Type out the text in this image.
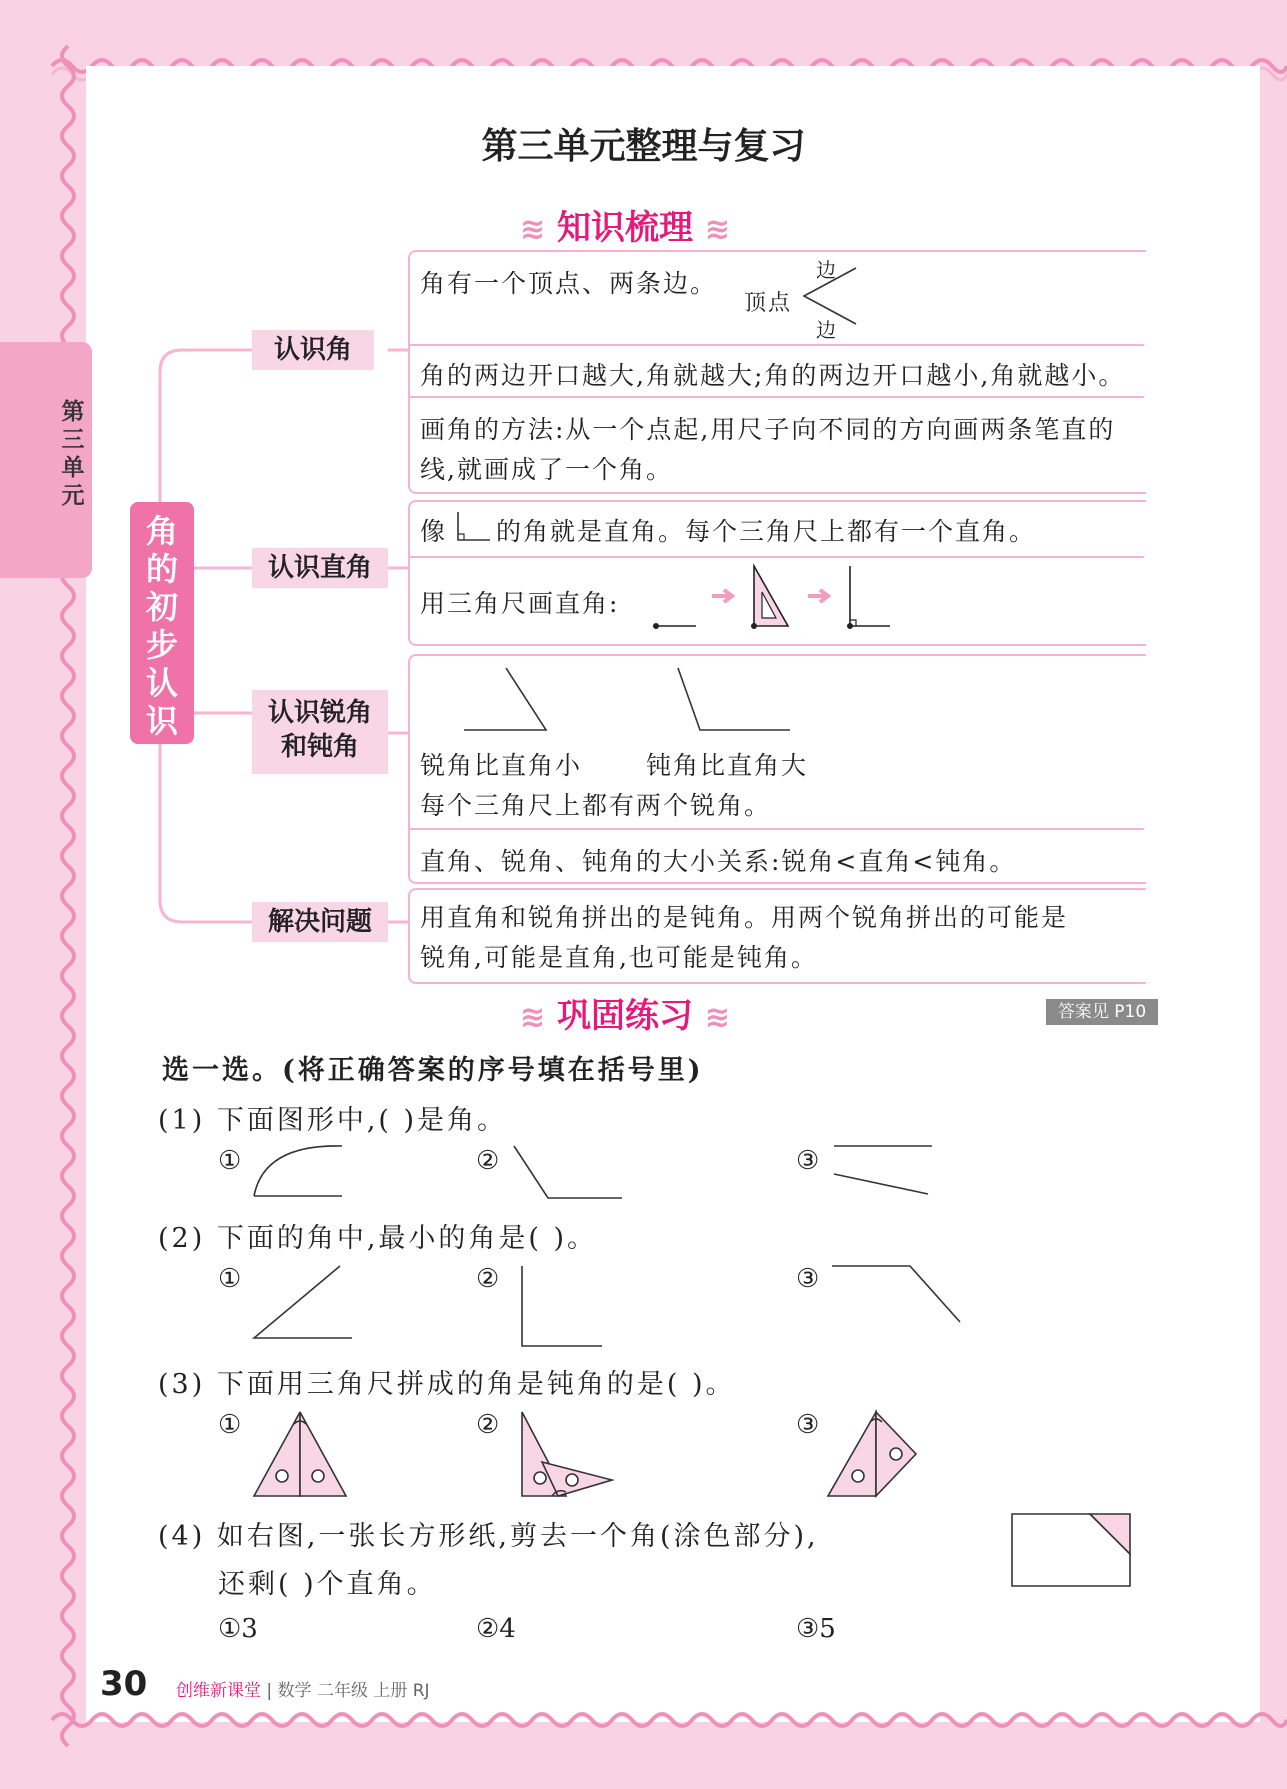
第三单元
第三单元整理与复习
≋ 知识梳理 ≋
角的初步认识
认识角
认识直角
认识锐角和钝角
解决问题
角有一个顶点、两条边。
顶点
边
边
角的两边开口越大,角就越大;角的两边开口越小,角就越小。
画角的方法:从一个点起,用尺子向不同的方向画两条笔直的
线,就画成了一个角。
像 的角就是直角。每个三角尺上都有一个直角。
用三角尺画直角:
锐角比直角小	钝角比直角大
每个三角尺上都有两个锐角。
直角、锐角、钝角的大小关系:锐角<直角<钝角。
用直角和锐角拼出的是钝角。用两个锐角拼出的可能是
锐角,可能是直角,也可能是钝角。
≋ 巩固练习 ≋	答案见 P10
选一选。(将正确答案的序号填在括号里)
(1) 下面图形中,( )是角。
①	②	③
(2) 下面的角中,最小的角是( )。
①	②	③
(3) 下面用三角尺拼成的角是钝角的是( )。
①	②	③
(4) 如右图,一张长方形纸,剪去一个角(涂色部分),
还剩( )个直角。
①3	②4	③5
30 创维新课堂 | 数学 二年级 上册 RJ
